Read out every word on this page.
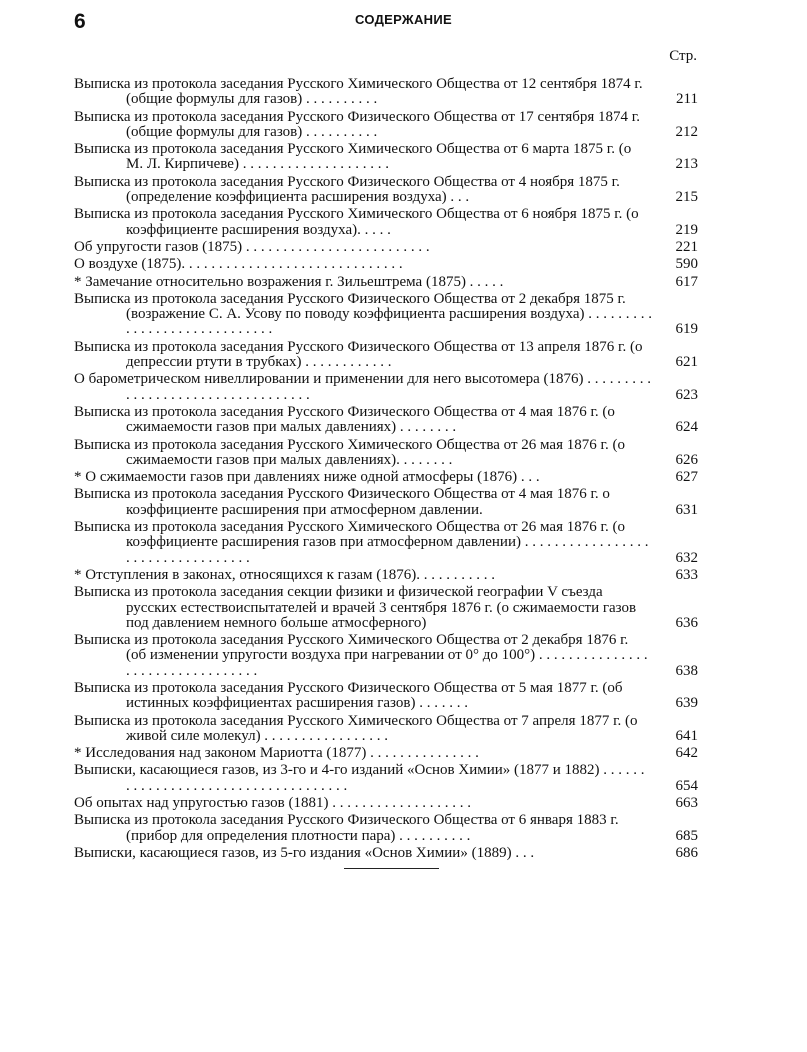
6	СОДЕРЖАНИЕ
Стр.
Выписка из протокола заседания Русского Химического Общества от 12 сентября 1874 г. (общие формулы для газов) . . . . . . . . . .	211
Выписка из протокола заседания Русского Физического Общества от 17 сентября 1874 г. (общие формулы для газов) . . . . . . . . . .	212
Выписка из протокола заседания Русского Химического Общества от 6 марта 1875 г. (о М. Л. Кирпичеве) . . . . . . . . . . . . . . . . . . . .	213
Выписка из протокола заседания Русского Физического Общества от 4 ноября 1875 г. (определение коэффициента расширения воздуха) . . .	215
Выписка из протокола заседания Русского Химического Общества от 6 ноября 1875 г. (о коэффициенте расширения воздуха). . . . .	219
Об упругости газов (1875) . . . . . . . . . . . . . . . . . . . . . . . . .	221
О воздухе (1875). . . . . . . . . . . . . . . . . . . . . . . . . . . . . .	590
* Замечание относительно возражения г. Зильештрема (1875) . . . . .	617
Выписка из протокола заседания Русского Физического Общества от 2 декабря 1875 г. (возражение С. А. Усову по поводу коэффициента расширения воздуха) . . . . . . . . . . . . . . . . . . . . . . . . . . . . .	619
Выписка из протокола заседания Русского Физического Общества от 13 апреля 1876 г. (о депрессии ртути в трубках) . . . . . . . . . . . .	621
О барометрическом нивеллировании и применении для него высотомера (1876) . . . . . . . . . . . . . . . . . . . . . . . . . . . . . . . . . .	623
Выписка из протокола заседания Русского Физического Общества от 4 мая 1876 г. (о сжимаемости газов при малых давлениях) . . . . . . . .	624
Выписка из протокола заседания Русского Химического Общества от 26 мая 1876 г. (о сжимаемости газов при малых давлениях). . . . . . . .	626
* О сжимаемости газов при давлениях ниже одной атмосферы (1876) . . .	627
Выписка из протокола заседания Русского Физического Общества от 4 мая 1876 г. о коэффициенте расширения при атмосферном давлении.	631
Выписка из протокола заседания Русского Химического Общества от 26 мая 1876 г. (о коэффициенте расширения газов при атмосферном давлении) . . . . . . . . . . . . . . . . . . . . . . . . . . . . . . . . . .	632
* Отступления в законах, относящихся к газам (1876). . . . . . . . . . .	633
Выписка из протокола заседания секции физики и физической географии V съезда русских естествоиспытателей и врачей 3 сентября 1876 г. (о сжимаемости газов под давлением немного больше атмосферного)	636
Выписка из протокола заседания Русского Химического Общества от 2 декабря 1876 г. (об изменении упругости воздуха при нагревании от 0° до 100°) . . . . . . . . . . . . . . . . . . . . . . . . . . . . . . . . .	638
Выписка из протокола заседания Русского Физического Общества от 5 мая 1877 г. (об истинных коэффициентах расширения газов) . . . . . . .	639
Выписка из протокола заседания Русского Химического Общества от 7 апреля 1877 г. (о живой силе молекул) . . . . . . . . . . . . . . . . .	641
* Исследования над законом Мариотта (1877) . . . . . . . . . . . . . . .	642
Выписки, касающиеся газов, из 3-го и 4-го изданий «Основ Химии» (1877 и 1882) . . . . . . . . . . . . . . . . . . . . . . . . . . . . . . . . . . . .	654
Об опытах над упругостью газов (1881) . . . . . . . . . . . . . . . . . . .	663
Выписка из протокола заседания Русского Физического Общества от 6 января 1883 г. (прибор для определения плотности пара) . . . . . . . . . .	685
Выписки, касающиеся газов, из 5-го издания «Основ Химии» (1889) . . .	686
